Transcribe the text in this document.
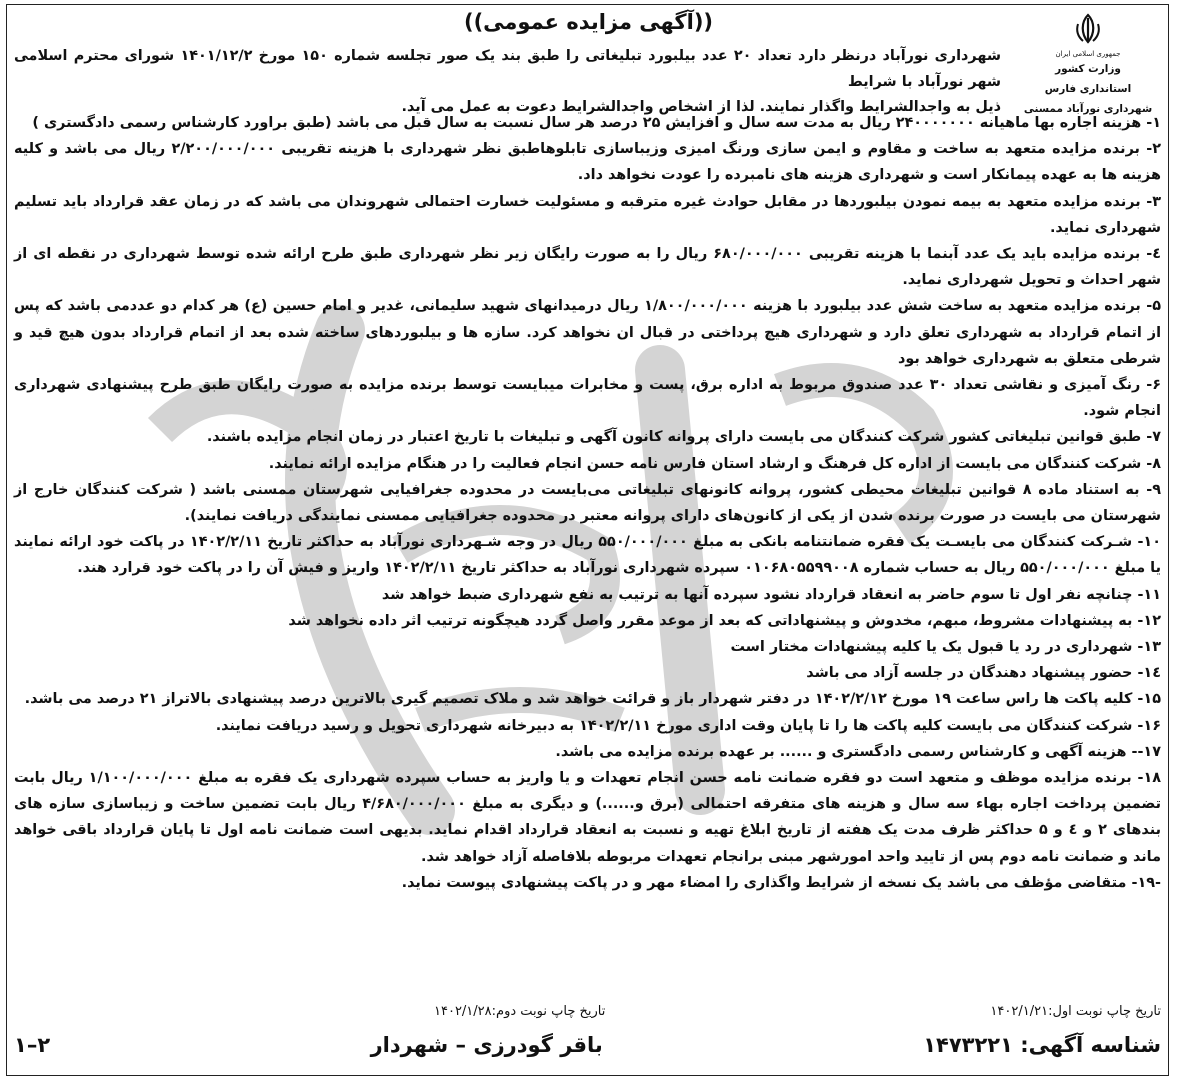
((آگهی مزایده عمومی))
جمهوری اسلامی ایران
وزارت کشور
استانداری فارس
شهرداری نورآباد ممسنی

شهرداری نورآباد درنظر دارد تعداد ۲۰ عدد بیلبورد تبلیغاتی را طبق بند یک صور تجلسه شماره ۱۵۰ مورخ ۱۴۰۱/۱۲/۲ شورای محترم اسلامی شهر نورآباد با شرایط

ذیل به واجدالشرایط واگذار نمایند. لذا از اشخاص واجدالشرایط دعوت به عمل می آید.

۱- هزینه اجاره بها ماهیانه ۲۴۰۰۰۰۰۰۰ ریال به مدت سه سال و افزایش ۲۵ درصد هر سال نسبت به سال قبل می باشد (طبق براورد کارشناس رسمی دادگستری )

۲- برنده مزایده متعهد به ساخت و مقاوم و ایمن سازی ورنگ امیزی وزیباسازی تابلوهاطبق نظر شهرداری با هزینه تقریبی ۲/۲۰۰/۰۰۰/۰۰۰ ریال می باشد و کلیه هزینه ها به عهده پیمانکار است و شهرداری هزینه های نامبرده را عودت نخواهد داد.

۳- برنده مزایده متعهد به بیمه نمودن بیلبوردها در مقابل حوادث غیره مترقبه و مسئولیت خسارت احتمالی شهروندان می باشد که در زمان عقد قرارداد باید تسلیم شهرداری نماید.

٤- برنده مزایده باید یک عدد آبنما با هزینه تقریبی ۶۸۰/۰۰۰/۰۰۰ ریال را به صورت رایگان زیر نظر شهرداری طبق طرح ارائه شده توسط شهرداری در نقطه ای از شهر احداث و تحویل شهرداری نماید.

۵- برنده مزایده متعهد به ساخت شش عدد بیلبورد با هزینه ۱/۸۰۰/۰۰۰/۰۰۰ ریال درمیدانهای شهید سلیمانی، غدیر و امام حسین (ع) هر کدام دو عددمی باشد که پس از اتمام قرارداد به شهرداری تعلق دارد و شهرداری هیچ پرداختی در قبال ان نخواهد کرد. سازه ها و بیلبوردهای ساخته شده بعد از اتمام قرارداد بدون هیچ قید و شرطی متعلق به شهرداری خواهد بود

۶- رنگ آمیزی و نقاشی تعداد ۳۰ عدد صندوق مربوط به اداره برق، پست و مخابرات میبایست توسط برنده مزایده به صورت رایگان طبق طرح پیشنهادی شهرداری انجام شود.

۷- طبق قوانین تبلیغاتی کشور شرکت کنندگان می بایست دارای پروانه کانون آگهی و تبلیغات با تاریخ اعتبار در زمان انجام مزایده باشند.

۸- شرکت کنندگان می بایست از اداره کل فرهنگ و ارشاد استان فارس نامه حسن انجام فعالیت را در هنگام مزایده ارائه نمایند.

۹- به استناد ماده ۸ قوانین تبلیغات محیطی کشور، پروانه کانونهای تبلیغاتی می‌بایست در محدوده جغرافیایی شهرستان ممسنی باشد ( شرکت کنندگان خارج از شهرستان می بایست در صورت برنده شدن از یکی از کانون‌های دارای پروانه معتبر در محدوده جغرافیایی ممسنی نمایندگی دریافت نمایند).

۱۰- شـرکت کنندگان می بایسـت یک فقره ضمانتنامه بانکی به مبلغ ۵۵۰/۰۰۰/۰۰۰ ریال در وجه شـهرداری نورآباد به حداکثر تاریخ ۱۴۰۲/۲/۱۱ در پاکت خود ارائه نمایند یا مبلغ ۵۵۰/۰۰۰/۰۰۰ ریال به حساب شماره ۰۱۰۶۸۰۵۵۹۹۰۰۸ سپرده شهرداری نورآباد به حداکثر تاریخ ۱۴۰۲/۲/۱۱ واریز و فیش آن را در پاکت خود قرارد هند.

۱۱- چنانچه نفر اول تا سوم حاضر به انعقاد قرارداد نشود سپرده آنها به ترتیب به نفع شهرداری ضبط خواهد شد

۱۲- به پیشنهادات مشروط، مبهم، مخدوش و پیشنهاداتی که بعد از موعد مقرر واصل گردد هیچگونه ترتیب اثر داده نخواهد شد

۱۳- شهرداری در رد یا قبول یک یا کلیه پیشنهادات مختار است

۱٤- حضور پیشنهاد دهندگان در جلسه آزاد می باشد

۱۵- کلیه پاکت ها راس ساعت ۱۹ مورخ ۱۴۰۲/۲/۱۲ در دفتر شهردار باز و قرائت خواهد شد و ملاک تصمیم گیری بالاترین درصد پیشنهادی بالاتراز ۲۱ درصد می باشد.

۱۶- شرکت کنندگان می بایست کلیه پاکت ها را تا پایان وقت اداری مورخ ۱۴۰۲/۲/۱۱ به دبیرخانه شهرداری تحویل و رسید دریافت نمایند.

۱۷-- هزینه آگهی و کارشناس رسمی دادگستری و ...... بر عهده برنده مزایده می باشد.

۱۸- برنده مزایده موظف و متعهد است دو فقره ضمانت نامه حسن انجام تعهدات و یا واریز به حساب سپرده شهرداری یک فقره به مبلغ ۱/۱۰۰/۰۰۰/۰۰۰ ریال بابت تضمین پرداخت اجاره بهاء سه سال و هزینه های متفرقه احتمالی (برق و......) و دیگری به مبلغ ۴/۶۸۰/۰۰۰/۰۰۰ ریال بابت تضمین ساخت و زیباسازی سازه های بندهای ۲ و ٤ و ۵ حداکثر ظرف مدت یک هفته از تاریخ ابلاغ تهیه و نسبت به انعقاد قرارداد اقدام نماید. بدیهی است ضمانت نامه اول تا پایان قرارداد باقی خواهد ماند و ضمانت نامه دوم پس از تایید واحد امورشهر مبنی برانجام تعهدات مربوطه بلافاصله آزاد خواهد شد.

-۱۹- متقاضی مؤظف می باشد یک نسخه از شرایط واگذاری را امضاء مهر و در پاکت پیشنهادی پیوست نماید.

تاریخ چاپ نوبت اول:۱۴۰۲/۱/۲۱
تاریخ چاپ نوبت دوم:۱۴۰۲/۱/۲۸
شناسه آگهی: ۱۴۷۳۲۲۱
باقر گودرزی – شهردار
۱–۲
